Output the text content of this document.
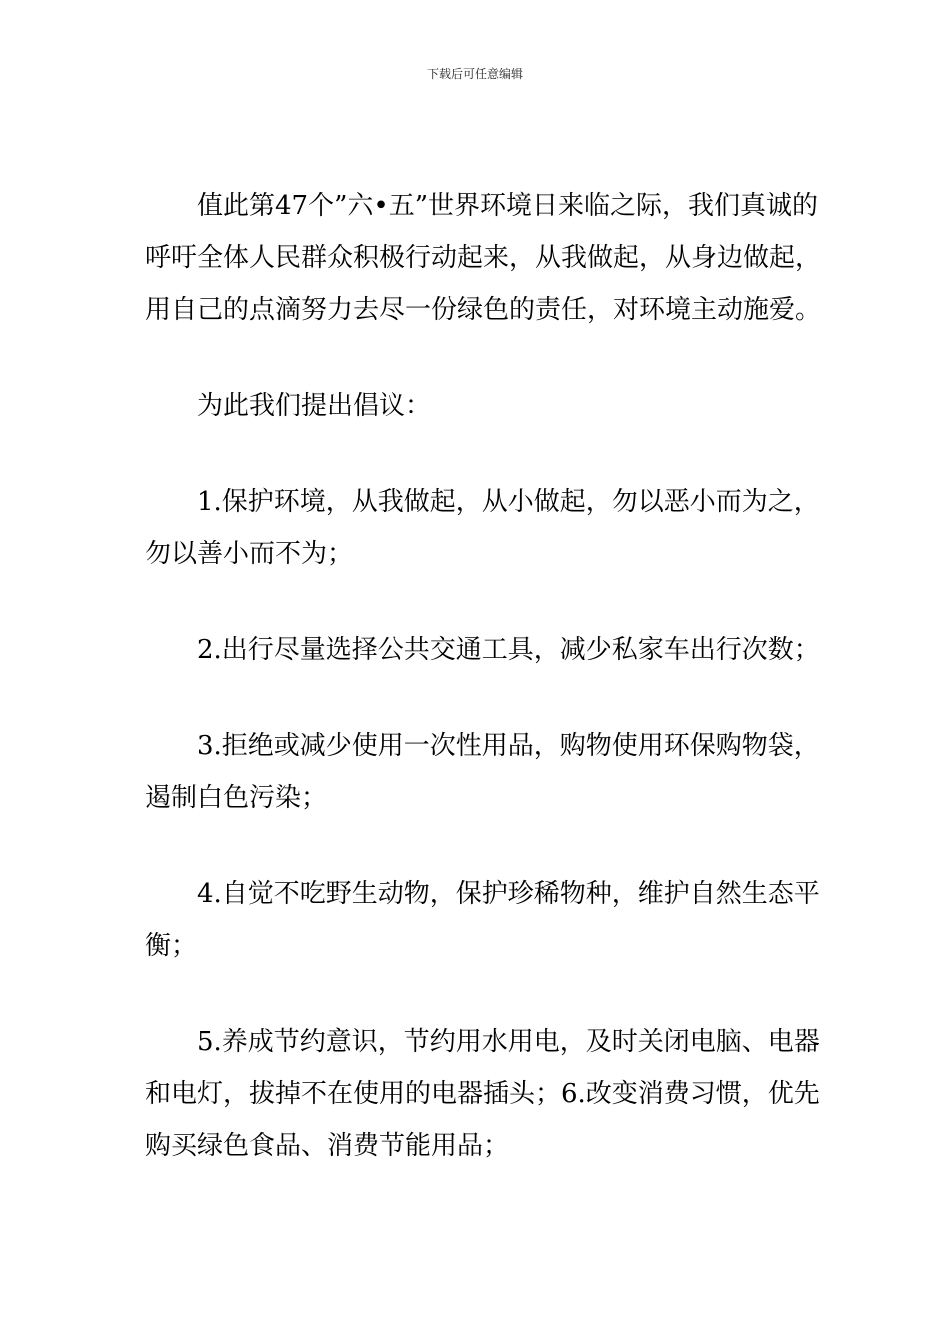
下载后可任意编辑

值此第47个”六•五”世界环境日来临之际，我们真诚的呼吁全体人民群众积极行动起来，从我做起，从身边做起，用自己的点滴努力去尽一份绿色的责任，对环境主动施爱。

为此我们提出倡议：

1.保护环境，从我做起，从小做起，勿以恶小而为之，勿以善小而不为；

2.出行尽量选择公共交通工具，减少私家车出行次数；

3.拒绝或减少使用一次性用品，购物使用环保购物袋，遏制白色污染；

4.自觉不吃野生动物，保护珍稀物种，维护自然生态平衡；

5.养成节约意识，节约用水用电，及时关闭电脑、电器和电灯，拔掉不在使用的电器插头；6.改变消费习惯，优先购买绿色食品、消费节能用品；
